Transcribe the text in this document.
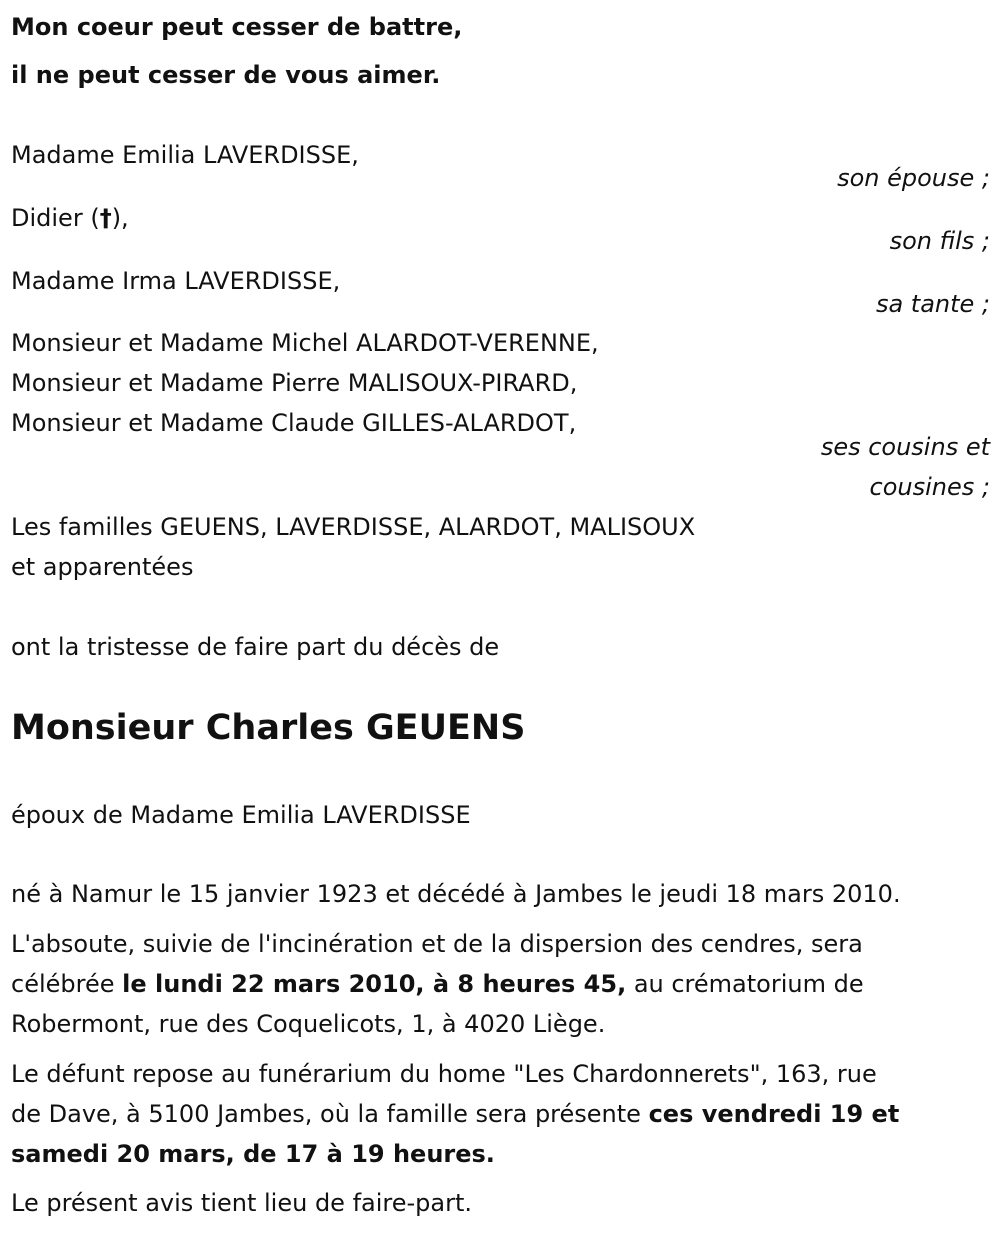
Mon coeur peut cesser de battre,
il ne peut cesser de vous aimer.
Madame Emilia LAVERDISSE,
son épouse ;
Didier (†),
son fils ;
Madame Irma LAVERDISSE,
sa tante ;
Monsieur et Madame Michel ALARDOT-VERENNE,
Monsieur et Madame Pierre MALISOUX-PIRARD,
Monsieur et Madame Claude GILLES-ALARDOT,
ses cousins et
cousines ;
Les familles GEUENS, LAVERDISSE, ALARDOT, MALISOUX
et apparentées
ont la tristesse de faire part du décès de
Monsieur Charles GEUENS
époux de Madame Emilia LAVERDISSE
né à Namur le 15 janvier 1923 et décédé à Jambes le jeudi 18 mars 2010.
L'absoute, suivie de l'incinération et de la dispersion des cendres, sera
célébrée le lundi 22 mars 2010, à 8 heures 45, au crématorium de
Robermont, rue des Coquelicots, 1, à 4020 Liège.
Le défunt repose au funérarium du home "Les Chardonnerets", 163, rue
de Dave, à 5100 Jambes, où la famille sera présente ces vendredi 19 et
samedi 20 mars, de 17 à 19 heures.
Le présent avis tient lieu de faire-part.
